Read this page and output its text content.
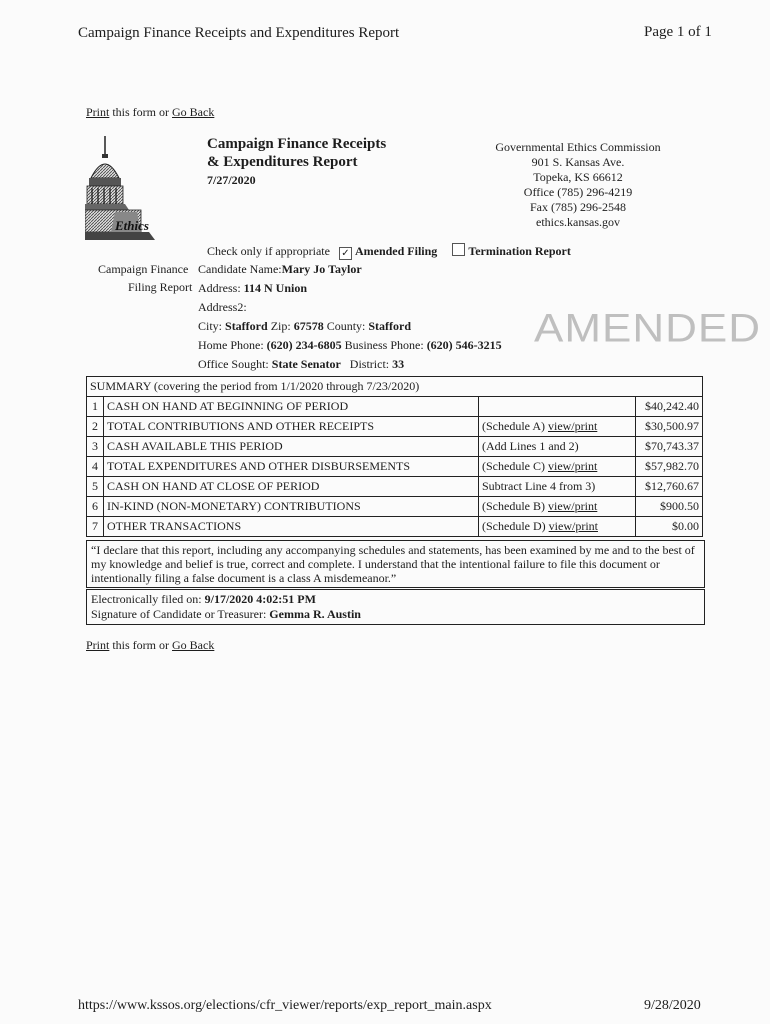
Campaign Finance Receipts and Expenditures Report	Page 1 of 1
Print this form or Go Back
Ethics
Campaign Finance Receipts
& Expenditures Report
7/27/2020
Governmental Ethics Commission
901 S. Kansas Ave.
Topeka, KS 66612
Office (785) 296-4219
Fax (785) 296-2548
ethics.kansas.gov
Check only if appropriate ✓ Amended Filing	Termination Report
Campaign Finance
Filing Report
Candidate Name:Mary Jo Taylor
Address: 114 N Union
Address2:
City: Stafford Zip: 67578 County: Stafford
Home Phone: (620) 234-6805 Business Phone: (620) 546-3215
Office Sought: State Senator District: 33
AMENDED
SUMMARY (covering the period from 1/1/2020 through 7/23/2020)			
1	CASH ON HAND AT BEGINNING OF PERIOD		$40,242.40
2	TOTAL CONTRIBUTIONS AND OTHER RECEIPTS	(Schedule A) view/print	$30,500.97
3	CASH AVAILABLE THIS PERIOD	(Add Lines 1 and 2)	$70,743.37
4	TOTAL EXPENDITURES AND OTHER DISBURSEMENTS	(Schedule C) view/print	$57,982.70
5	CASH ON HAND AT CLOSE OF PERIOD	Subtract Line 4 from 3)	$12,760.67
6	IN-KIND (NON-MONETARY) CONTRIBUTIONS	(Schedule B) view/print	$900.50
7	OTHER TRANSACTIONS	(Schedule D) view/print	$0.00
“I declare that this report, including any accompanying schedules and statements, has been examined by me and to the best of my knowledge and belief is true, correct and complete. I understand that the intentional failure to file this document or intentionally filing a false document is a class A misdemeanor.”
Electronically filed on: 9/17/2020 4:02:51 PM
Signature of Candidate or Treasurer: Gemma R. Austin
Print this form or Go Back
https://www.kssos.org/elections/cfr_viewer/reports/exp_report_main.aspx	9/28/2020
